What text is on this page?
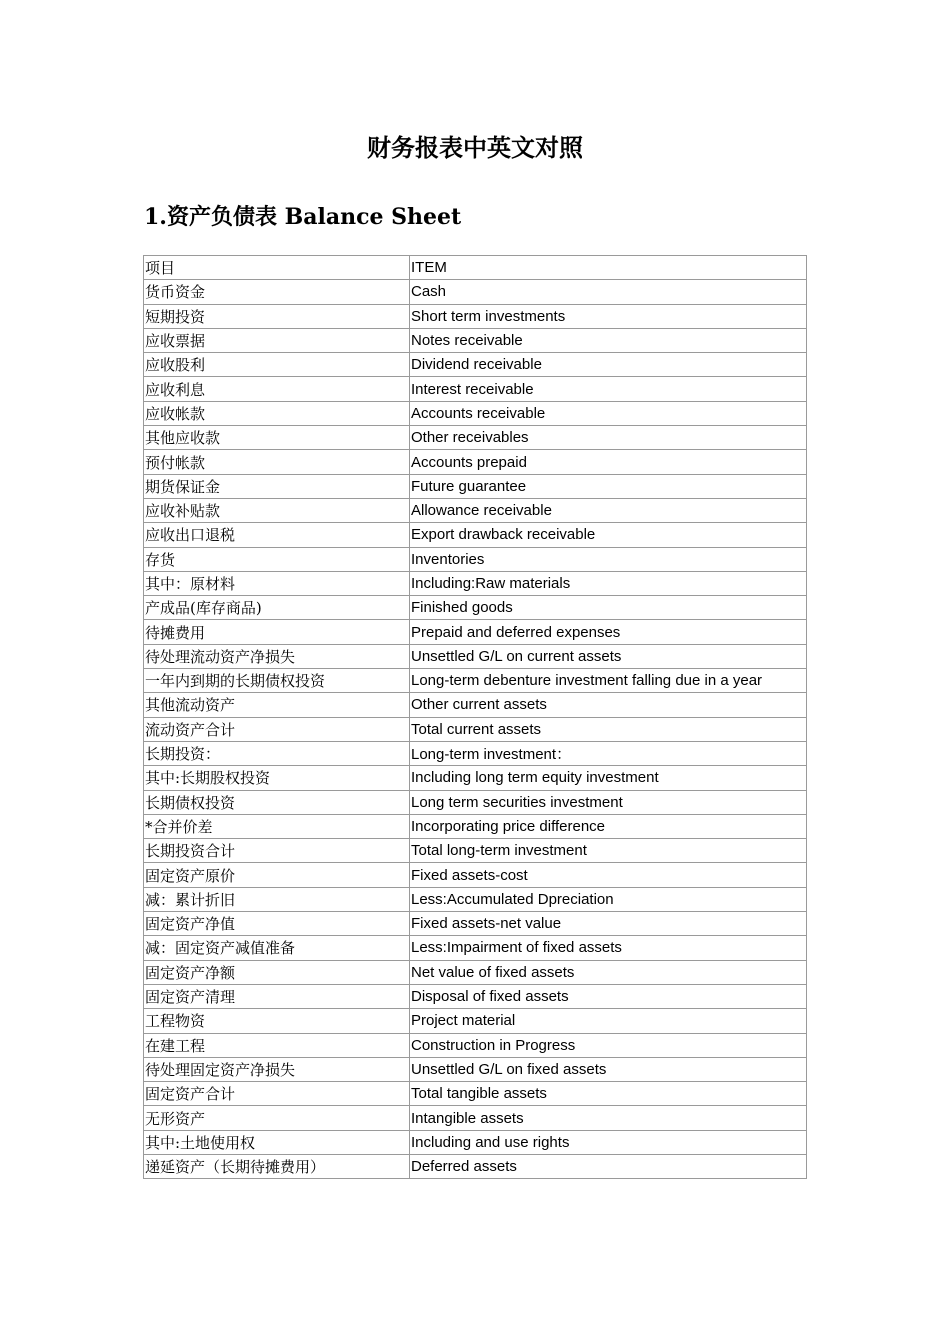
财务报表中英文对照
1.资产负债表 Balance Sheet
项目	ITEM
货币资金	Cash
短期投资	Short term investments
应收票据	Notes receivable
应收股利	Dividend receivable
应收利息	Interest receivable
应收帐款	Accounts receivable
其他应收款	Other receivables
预付帐款	Accounts prepaid
期货保证金	Future guarantee
应收补贴款	Allowance receivable
应收出口退税	Export drawback receivable
存货	Inventories
其中：原材料	Including:Raw materials
产成品(库存商品)	Finished goods
待摊费用	Prepaid and deferred expenses
待处理流动资产净损失	Unsettled G/L on current assets
一年内到期的长期债权投资	Long-term debenture investment falling due in a year
其他流动资产	Other current assets
流动资产合计	Total current assets
长期投资：	Long-term investment：
其中:长期股权投资	Including long term equity investment
长期债权投资	Long term securities investment
*合并价差	Incorporating price difference
长期投资合计	Total long-term investment
固定资产原价	Fixed assets-cost
减：累计折旧	Less:Accumulated Dpreciation
固定资产净值	Fixed assets-net value
减：固定资产减值准备	Less:Impairment of fixed assets
固定资产净额	Net value of fixed assets
固定资产清理	Disposal of fixed assets
工程物资	Project material
在建工程	Construction in Progress
待处理固定资产净损失	Unsettled G/L on fixed assets
固定资产合计	Total tangible assets
无形资产	Intangible assets
其中:土地使用权	Including and use rights
递延资产（长期待摊费用）	Deferred assets
